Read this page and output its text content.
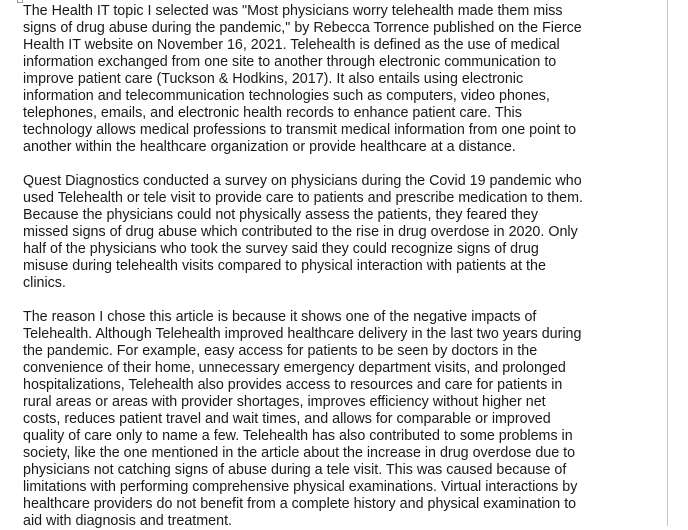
The Health IT topic I selected was "Most physicians worry telehealth made them miss signs of drug abuse during the pandemic," by Rebecca Torrence published on the Fierce Health IT website on November 16, 2021. Telehealth is defined as the use of medical information exchanged from one site to another through electronic communication to improve patient care (Tuckson & Hodkins, 2017). It also entails using electronic information and telecommunication technologies such as computers, video phones, telephones, emails, and electronic health records to enhance patient care. This technology allows medical professions to transmit medical information from one point to another within the healthcare organization or provide healthcare at a distance.

Quest Diagnostics conducted a survey on physicians during the Covid 19 pandemic who used Telehealth or tele visit to provide care to patients and prescribe medication to them. Because the physicians could not physically assess the patients, they feared they missed signs of drug abuse which contributed to the rise in drug overdose in 2020. Only half of the physicians who took the survey said they could recognize signs of drug misuse during telehealth visits compared to physical interaction with patients at the clinics.

The reason I chose this article is because it shows one of the negative impacts of Telehealth. Although Telehealth improved healthcare delivery in the last two years during the pandemic. For example, easy access for patients to be seen by doctors in the convenience of their home, unnecessary emergency department visits, and prolonged hospitalizations, Telehealth also provides access to resources and care for patients in rural areas or areas with provider shortages, improves efficiency without higher net costs, reduces patient travel and wait times, and allows for comparable or improved quality of care only to name a few. Telehealth has also contributed to some problems in society, like the one mentioned in the article about the increase in drug overdose due to physicians not catching signs of abuse during a tele visit. This was caused because of limitations with performing comprehensive physical examinations. Virtual interactions by healthcare providers do not benefit from a complete history and physical examination to aid with diagnosis and treatment.
